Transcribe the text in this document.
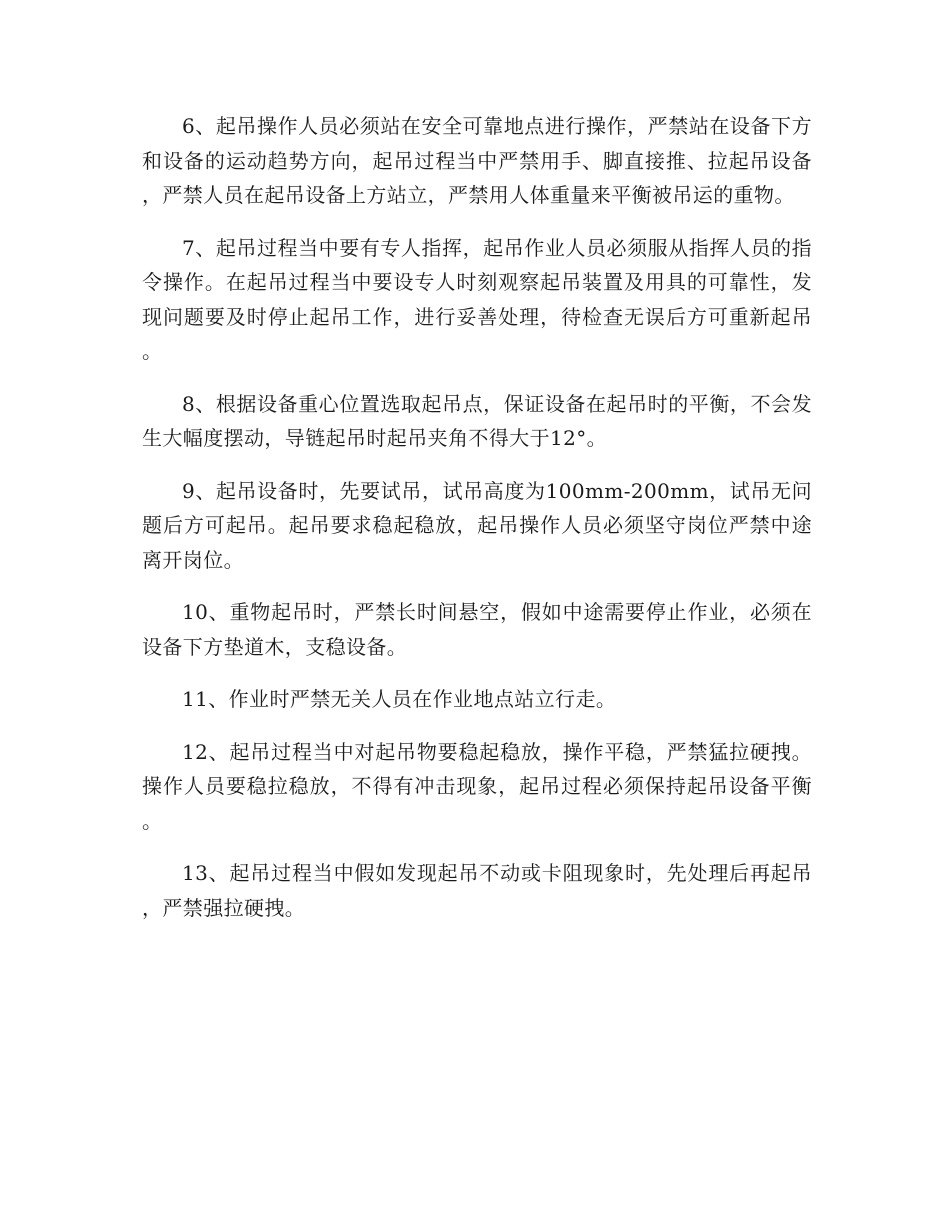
6、起吊操作人员必须站在安全可靠地点进行操作，严禁站在设备下方和设备的运动趋势方向，起吊过程当中严禁用手、脚直接推、拉起吊设备，严禁人员在起吊设备上方站立，严禁用人体重量来平衡被吊运的重物。

7、起吊过程当中要有专人指挥，起吊作业人员必须服从指挥人员的指令操作。在起吊过程当中要设专人时刻观察起吊装置及用具的可靠性，发现问题要及时停止起吊工作，进行妥善处理，待检查无误后方可重新起吊。

8、根据设备重心位置选取起吊点，保证设备在起吊时的平衡，不会发生大幅度摆动，导链起吊时起吊夹角不得大于12°。

9、起吊设备时，先要试吊，试吊高度为100mm-200mm，试吊无问题后方可起吊。起吊要求稳起稳放，起吊操作人员必须坚守岗位严禁中途离开岗位。

10、重物起吊时，严禁长时间悬空，假如中途需要停止作业，必须在设备下方垫道木，支稳设备。

11、作业时严禁无关人员在作业地点站立行走。

12、起吊过程当中对起吊物要稳起稳放，操作平稳，严禁猛拉硬拽。 操作人员要稳拉稳放，不得有冲击现象，起吊过程必须保持起吊设备平衡。

13、起吊过程当中假如发现起吊不动或卡阻现象时，先处理后再起吊，严禁强拉硬拽。
